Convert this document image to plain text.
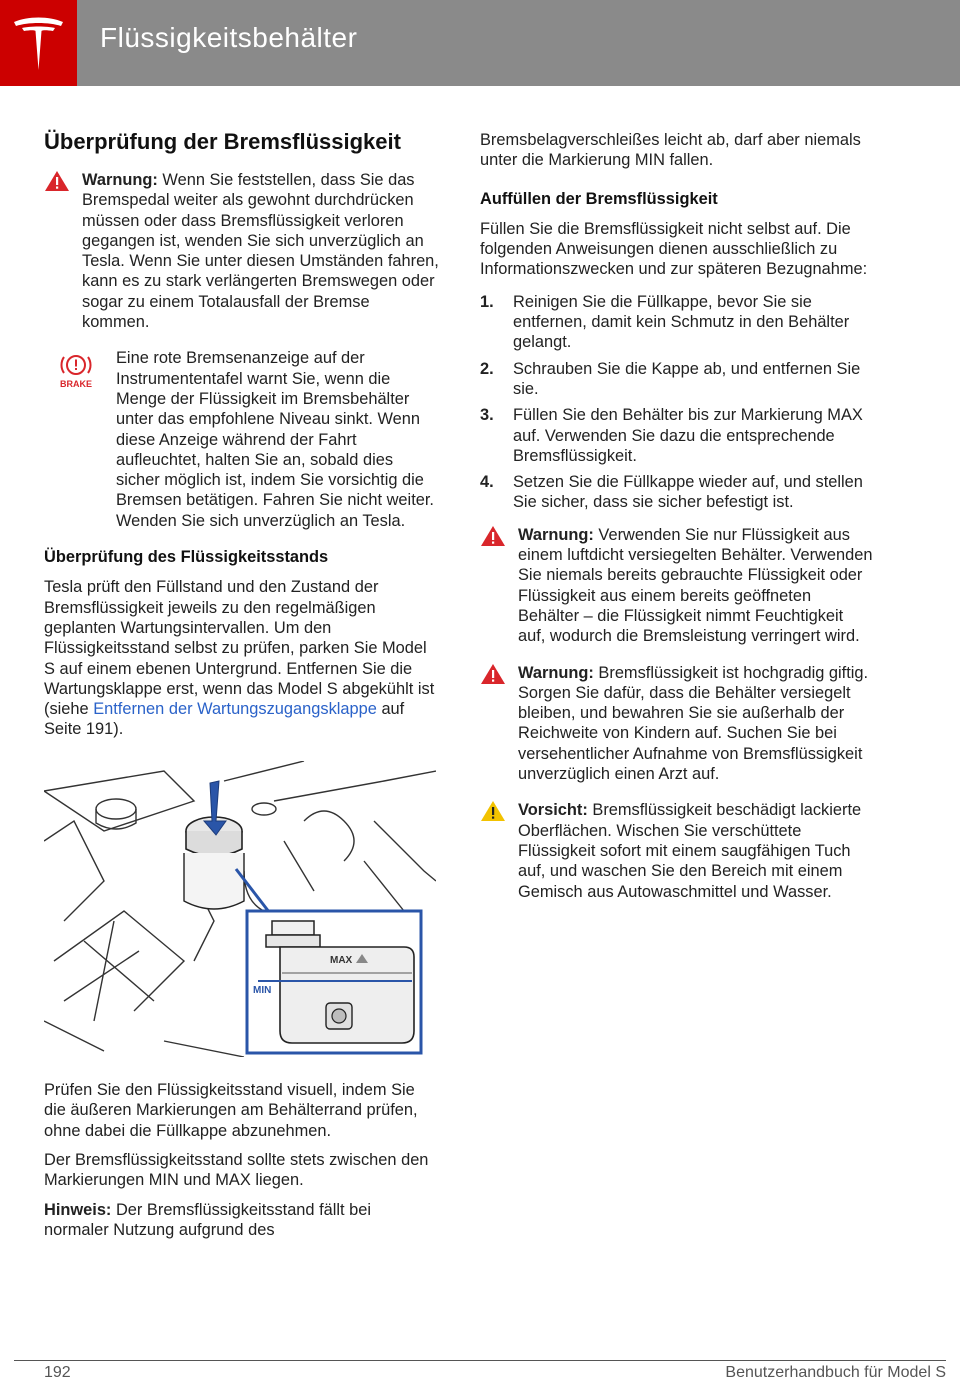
Flüssigkeitsbehälter
Überprüfung der Bremsflüssigkeit
Warnung: Wenn Sie feststellen, dass Sie das Bremspedal weiter als gewohnt durchdrücken müssen oder dass Bremsflüssigkeit verloren gegangen ist, wenden Sie sich unverzüglich an Tesla. Wenn Sie unter diesen Umständen fahren, kann es zu stark verlängerten Bremswegen oder sogar zu einem Totalausfall der Bremse kommen.
BRAKE
Eine rote Bremsenanzeige auf der Instrumententafel warnt Sie, wenn die Menge der Flüssigkeit im Bremsbehälter unter das empfohlene Niveau sinkt. Wenn diese Anzeige während der Fahrt aufleuchtet, halten Sie an, sobald dies sicher möglich ist, indem Sie vorsichtig die Bremsen betätigen. Fahren Sie nicht weiter. Wenden Sie sich unverzüglich an Tesla.
Überprüfung des Flüssigkeitsstands

Tesla prüft den Füllstand und den Zustand der Bremsflüssigkeit jeweils zu den regelmäßigen geplanten Wartungsintervallen. Um den Flüssigkeitsstand selbst zu prüfen, parken Sie Model S auf einem ebenen Untergrund. Entfernen Sie die Wartungsklappe erst, wenn das Model S abgekühlt ist (siehe Entfernen der Wartungszugangsklappe auf Seite 191).

MAX
MIN

Prüfen Sie den Flüssigkeitsstand visuell, indem Sie die äußeren Markierungen am Behälterrand prüfen, ohne dabei die Füllkappe abzunehmen.

Der Bremsflüssigkeitsstand sollte stets zwischen den Markierungen MIN und MAX liegen.

Hinweis: Der Bremsflüssigkeitsstand fällt bei normaler Nutzung aufgrund des

Bremsbelagverschleißes leicht ab, darf aber niemals unter die Markierung MIN fallen.

Auffüllen der Bremsflüssigkeit

Füllen Sie die Bremsflüssigkeit nicht selbst auf. Die folgenden Anweisungen dienen ausschließlich zu Informationszwecken und zur späteren Bezugnahme:

1. Reinigen Sie die Füllkappe, bevor Sie sie entfernen, damit kein Schmutz in den Behälter gelangt.
2. Schrauben Sie die Kappe ab, und entfernen Sie sie.
3. Füllen Sie den Behälter bis zur Markierung MAX auf. Verwenden Sie dazu die entsprechende Bremsflüssigkeit.
4. Setzen Sie die Füllkappe wieder auf, und stellen Sie sicher, dass sie sicher befestigt ist.
Warnung: Verwenden Sie nur Flüssigkeit aus einem luftdicht versiegelten Behälter. Verwenden Sie niemals bereits gebrauchte Flüssigkeit oder Flüssigkeit aus einem bereits geöffneten Behälter – die Flüssigkeit nimmt Feuchtigkeit auf, wodurch die Bremsleistung verringert wird.
Warnung: Bremsflüssigkeit ist hochgradig giftig. Sorgen Sie dafür, dass die Behälter versiegelt bleiben, und bewahren Sie sie außerhalb der Reichweite von Kindern auf. Suchen Sie bei versehentlicher Aufnahme von Bremsflüssigkeit unverzüglich einen Arzt auf.
Vorsicht: Bremsflüssigkeit beschädigt lackierte Oberflächen. Wischen Sie verschüttete Flüssigkeit sofort mit einem saugfähigen Tuch auf, und waschen Sie den Bereich mit einem Gemisch aus Autowaschmittel und Wasser.
192	Benutzerhandbuch für Model S
